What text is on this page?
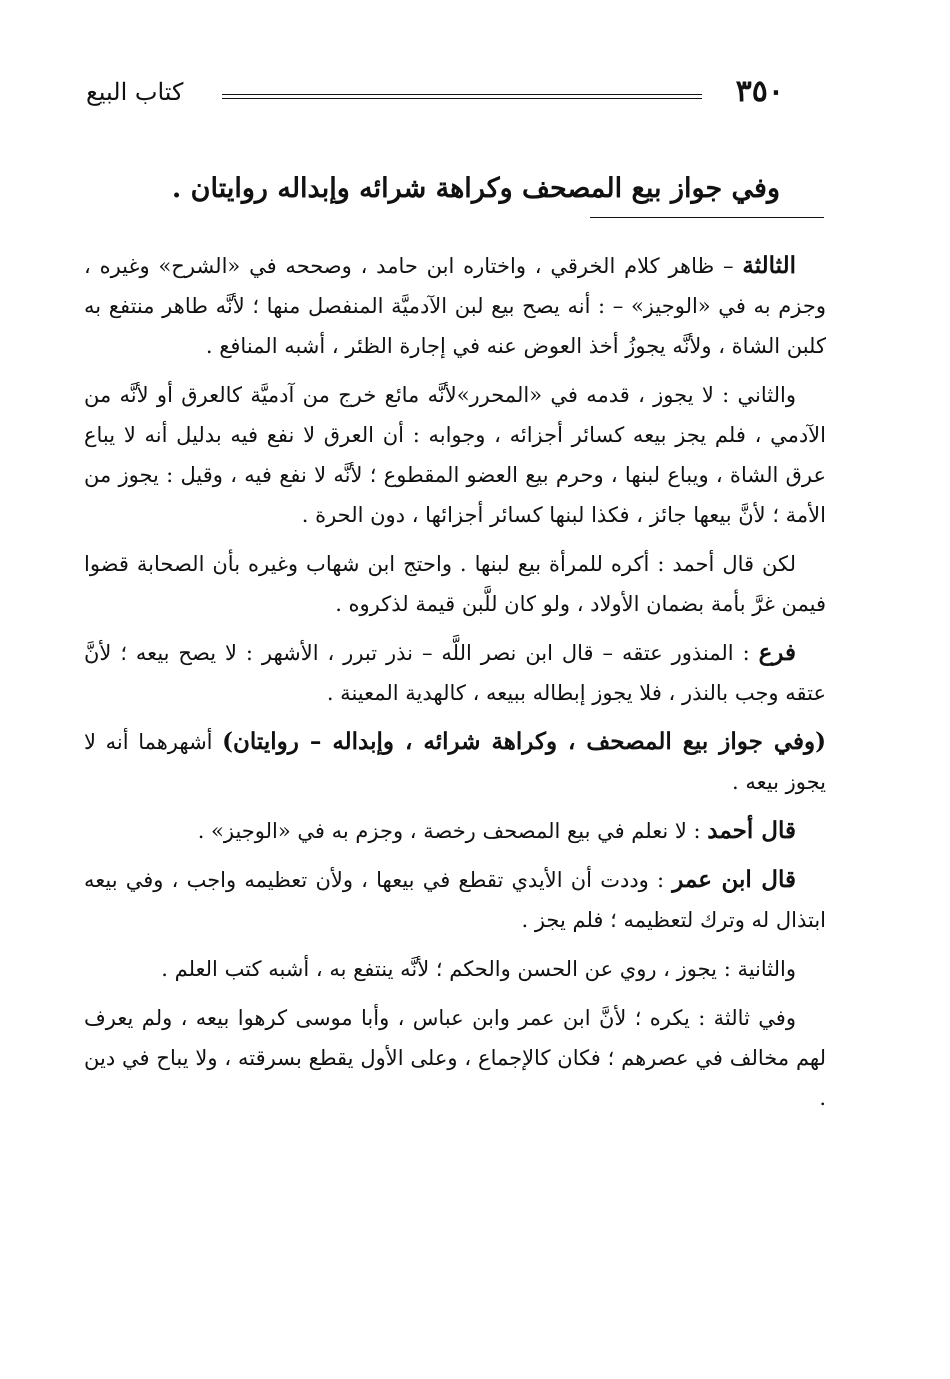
كتاب البيع	٣٥٠
وفي جواز بيع المصحف وكراهة شرائه وإبداله روايتان .

الثالثة – ظاهر كلام الخرقي ، واختاره ابن حامد ، وصححه في «الشرح» وغيره ، وجزم به في «الوجيز» – : أنه يصح بيع لبن الآدميَّة المنفصل منها ؛ لأنَّه طاهر منتفع به كلبن الشاة ، ولأنَّه يجوزُ أخذ العوض عنه في إجارة الظئر ، أشبه المنافع .

والثاني : لا يجوز ، قدمه في «المحرر»لأنَّه مائع خرج من آدميَّة كالعرق أو لأنَّه من الآدمي ، فلم يجز بيعه كسائر أجزائه ، وجوابه : أن العرق لا نفع فيه بدليل أنه لا يباع عرق الشاة ، ويباع لبنها ، وحرم بيع العضو المقطوع ؛ لأنَّه لا نفع فيه ، وقيل : يجوز من الأمة ؛ لأنَّ بيعها جائز ، فكذا لبنها كسائر أجزائها ، دون الحرة .

لكن قال أحمد : أكره للمرأة بيع لبنها . واحتج ابن شهاب وغيره بأن الصحابة قضوا فيمن غرَّ بأمة بضمان الأولاد ، ولو كان للَّبن قيمة لذكروه .

فرع : المنذور عتقه – قال ابن نصر اللَّه – نذر تبرر ، الأشهر : لا يصح بيعه ؛ لأنَّ عتقه وجب بالنذر ، فلا يجوز إبطاله ببيعه ، كالهدية المعينة .

(وفي جواز بيع المصحف ، وكراهة شرائه ، وإبداله – روايتان) أشهرهما أنه لا يجوز بيعه .

قال أحمد : لا نعلم في بيع المصحف رخصة ، وجزم به في «الوجيز» .

قال ابن عمر : وددت أن الأيدي تقطع في بيعها ، ولأن تعظيمه واجب ، وفي بيعه ابتذال له وترك لتعظيمه ؛ فلم يجز .

والثانية : يجوز ، روي عن الحسن والحكم ؛ لأنَّه ينتفع به ، أشبه كتب العلم .

وفي ثالثة : يكره ؛ لأنَّ ابن عمر وابن عباس ، وأبا موسى كرهوا بيعه ، ولم يعرف لهم مخالف في عصرهم ؛ فكان كالإجماع ، وعلى الأول يقطع بسرقته ، ولا يباح في دين .
